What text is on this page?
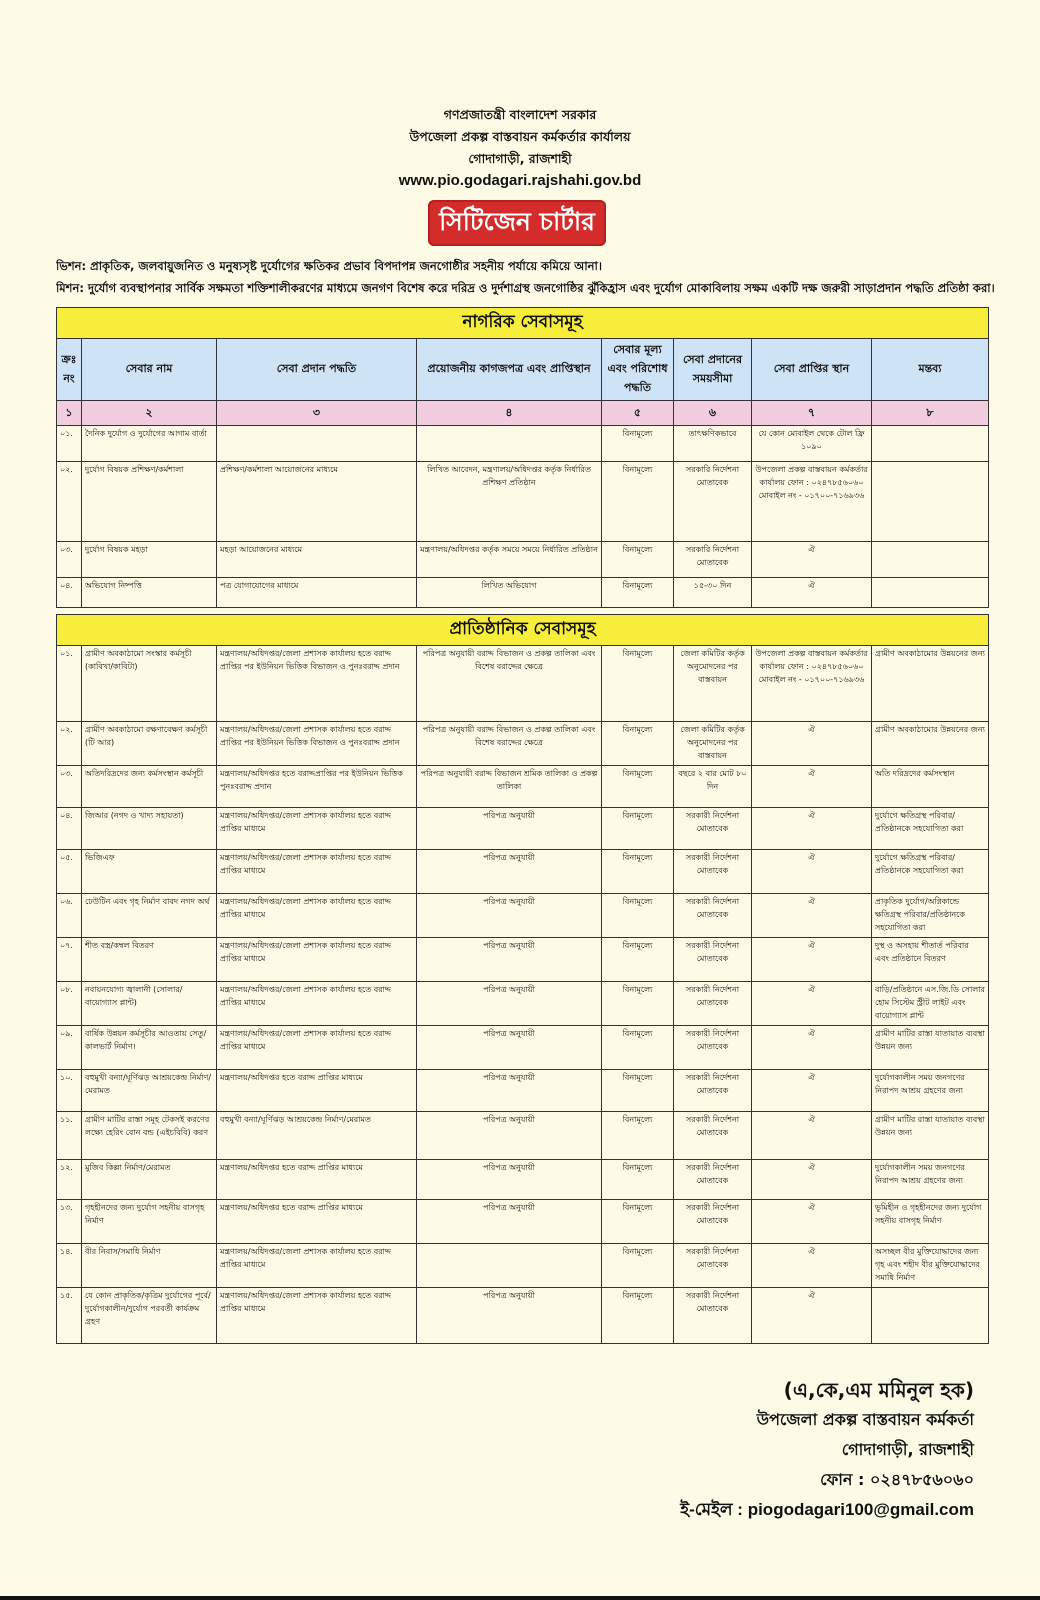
গণপ্রজাতন্ত্রী বাংলাদেশ সরকার
উপজেলা প্রকল্প বাস্তবায়ন কর্মকর্তার কার্যালয়
গোদাগাড়ী, রাজশাহী
www.pio.godagari.rajshahi.gov.bd
সিটিজেন চার্টার
ভিশন: প্রাকৃতিক, জলবায়ুজনিত ও মনুষ্যসৃষ্ট দুর্যোগের ক্ষতিকর প্রভাব বিপদাপন্ন জনগোষ্ঠীর সহনীয় পর্যায়ে কমিয়ে আনা।
মিশন: দুর্যোগ ব্যবস্থাপনার সার্বিক সক্ষমতা শক্তিশালীকরণের মাধ্যমে জনগণ বিশেষ করে দরিদ্র ও দুর্দশাগ্রস্থ জনগোষ্ঠির ঝুঁকিহ্রাস এবং দুর্যোগ মোকাবিলায় সক্ষম একটি দক্ষ জরুরী সাড়াপ্রদান পদ্ধতি প্রতিষ্ঠা করা।
নাগরিক সেবাসমূহ							
ক্রঃ নং	সেবার নাম	সেবা প্রদান পদ্ধতি	প্রয়োজনীয় কাগজপত্র এবং প্রাপ্তিস্থান	সেবার মূল্য এবং পরিশোধ পদ্ধতি	সেবা প্রদানের সময়সীমা	সেবা প্রাপ্তির স্থান	মন্তব্য
১	২	৩	৪	৫	৬	৭	৮
০১.	দৈনিক দুর্যোগ ও দুর্যোগের আগাম বার্তা			বিনামূল্যে	তাৎক্ষণিকভাবে	যে কোন মোবাইল থেকে টোল ফ্রি ১০৯০	
০২.	দুর্যোগ বিষয়ক প্রশিক্ষণ/কর্মশালা	প্রশিক্ষণ/কর্মশালা আয়োজনের মাধ্যমে	লিখিত আবেদন, মন্ত্রণালয়/অধিদপ্তর কর্তৃক নির্ধারিত প্রশিক্ষণ প্রতিষ্ঠান	বিনামূল্যে	সরকারি নির্দেশনা মোতাবেক	উপজেলা প্রকল্প বাস্তবায়ন কর্মকর্তার কার্যালয় ফোন : ০২৪৭৮৫৬০৬০ মোবাইল নং - ০১৭০০-৭১৬৯৩৬	
০৩.	দুর্যোগ বিষয়ক মহড়া	মহড়া আয়োজনের মাধ্যমে	মন্ত্রণালয়/অধিদপ্তর কর্তৃক সময়ে সময়ে নির্ধারিত প্রতিষ্ঠান	বিনামূল্যে	সরকারি নির্দেশনা মোতাবেক	ঐ	
০৪.	অভিযোগ নিষ্পত্তি	পত্র যোগাযোগের মাধ্যমে	লিখিত অভিযোগ	বিনামূল্যে	১৫-৩০ দিন	ঐ	
প্রাতিষ্ঠানিক সেবাসমূহ							
০১.	গ্রামীণ অবকাঠামো সংস্কার কর্মসূচী (কাবিখা/কাবিটা)	মন্ত্রণালয়/অধিদপ্তর/জেলা প্রশাসক কার্যালয় হতে বরাদ্দ প্রাপ্তির পর ইউনিয়ন ভিত্তিক বিভাজন ও পুনঃবরাদ্দ প্রদান	পরিপত্র অনুযায়ী বরাদ্দ বিভাজন ও প্রকল্প তালিকা এবং বিশেষ বরাদ্দের ক্ষেত্রে	বিনামূল্যে	জেলা কমিটির কর্তৃক অনুমোদনের পর বাস্তবায়ন	উপজেলা প্রকল্প বাস্তবায়ন কর্মকর্তার কার্যালয় ফোন : ০২৪৭৮৫৬০৬০ মোবাইল নং - ০১৭০০-৭১৬৯৩৬	গ্রামীণ অবকাঠামোর উন্নয়নের জন্য
০২.	গ্রামীণ অবকাঠামো রক্ষণাবেক্ষণ কর্মসূচী (টি আর)	মন্ত্রণালয়/অধিদপ্তর/জেলা প্রশাসক কার্যালয় হতে বরাদ্দ প্রাপ্তির পর ইউনিয়ন ভিত্তিক বিভাজন ও পুনঃবরাদ্দ প্রদান	পরিপত্র অনুযায়ী বরাদ্দ বিভাজন ও প্রকল্প তালিকা এবং বিশেষ বরাদ্দের ক্ষেত্রে	বিনামূল্যে	জেলা কমিটির কর্তৃক অনুমোদনের পর বাস্তবায়ন	ঐ	গ্রামীণ অবকাঠামোর উন্নয়নের জন্য
০৩.	অতিদরিদ্রদের জন্য কর্মসংস্থান কর্মসূচী	মন্ত্রণালয়/অধিদপ্তর হতে বরাদ্দপ্রাপ্তির পর ইউনিয়ন ভিত্তিক পুনঃবরাদ্দ প্রদান	পরিপত্র অনুযায়ী বরাদ্দ বিভাজন শ্রমিক তালিকা ও প্রকল্প তালিকা	বিনামূল্যে	বছরে ২ বার মোট ৮০ দিন	ঐ	অতি দরিদ্রদের কর্মসংস্থান
০৪.	জিআর (নগদ ও খাদ্য সহায়তা)	মন্ত্রণালয়/অধিদপ্তর/জেলা প্রশাসক কার্যালয় হতে বরাদ্দ প্রাপ্তির মাধ্যমে	পরিপত্র অনুযায়ী	বিনামূল্যে	সরকারী নির্দেশনা মোতাবেক	ঐ	দুর্যোগে ক্ষতিগ্রস্থ পরিবার/ প্রতিষ্ঠানকে সহযোগিতা করা
০৫.	ভিজিএফ	মন্ত্রণালয়/অধিদপ্তর/জেলা প্রশাসক কার্যালয় হতে বরাদ্দ প্রাপ্তির মাধ্যমে	পরিপত্র অনুযায়ী	বিনামূল্যে	সরকারী নির্দেশনা মোতাবেক	ঐ	দুর্যোগে ক্ষতিগ্রস্থ পরিবার/ প্রতিষ্ঠানকে সহযোগিতা করা
০৬.	ঢেউটিন এবং গৃহ নির্মাণ বাবদ নগদ অর্থ	মন্ত্রণালয়/অধিদপ্তর/জেলা প্রশাসক কার্যালয় হতে বরাদ্দ প্রাপ্তির মাধ্যমে	পরিপত্র অনুযায়ী	বিনামূল্যে	সরকারী নির্দেশনা মোতাবেক	ঐ	প্রাকৃতিক দুর্যোগ/অগ্নিকান্ডে ক্ষতিগ্রস্থ পরিবার/প্রতিষ্ঠানকে সহযোগিতা করা
০৭.	শীত বস্ত্র/কম্বল বিতরণ	মন্ত্রণালয়/অধিদপ্তর/জেলা প্রশাসক কার্যালয় হতে বরাদ্দ প্রাপ্তির মাধ্যমে	পরিপত্র অনুযায়ী	বিনামূল্যে	সরকারী নির্দেশনা মোতাবেক	ঐ	দুস্থ ও অসহায় শীতার্ত পরিবার এবং প্রতিষ্ঠানে বিতরণ
০৮.	নবায়নযোগ্য জ্বালানী (সোলার/বায়োগ্যাস প্লান্ট)	মন্ত্রণালয়/অধিদপ্তর/জেলা প্রশাসক কার্যালয় হতে বরাদ্দ প্রাপ্তির মাধ্যমে	পরিপত্র অনুযায়ী	বিনামূল্যে	সরকারী নির্দেশনা মোতাবেক	ঐ	বাড়ি/প্রতিষ্ঠানে এস.জি.ডি সোলার হোম সিস্টেম স্ট্রীট লাইট এবং বায়োগ্যাস প্লান্ট
০৯.	বার্ষিক উন্নয়ন কর্মসূচীর আওতায় সেতু/কালভার্ট নির্মাণ।	মন্ত্রণালয়/অধিদপ্তর/জেলা প্রশাসক কার্যালয় হতে বরাদ্দ প্রাপ্তির মাধ্যমে	পরিপত্র অনুযায়ী	বিনামূল্যে	সরকারী নির্দেশনা মোতাবেক	ঐ	গ্রামীণ মাটির রাস্তা যাতায়াত ব্যবস্থা উন্নয়ন জন্য
১০.	বহুমুখী বন্যা/ঘূর্ণিঝড় আশ্রয়কেন্দ্র নির্মাণ/ মেরামত	মন্ত্রণালয়/অধিদপ্তর হতে বরাদ্দ প্রাপ্তির মাধ্যমে	পরিপত্র অনুযায়ী	বিনামূল্যে	সরকারী নির্দেশনা মোতাবেক	ঐ	দুর্যোগকালীন সময় জনগণের নিরাপদ আশ্রয় গ্রহণের জন্য
১১.	গ্রামীণ মাটির রাস্তা সমূহ টেকসই করণের লক্ষ্যে হেরিং বোন বন্ড (এইচবিবি) করণ	বহুমুখী বন্যা/ঘূর্ণিঝড় আশ্রয়কেন্দ্র নির্মাণ/মেরামত	পরিপত্র অনুযায়ী	বিনামূল্যে	সরকারী নির্দেশনা মোতাবেক	ঐ	গ্রামীণ মাটির রাস্তা যাতায়াত ব্যবস্থা উন্নয়ন জন্য
১২.	মুজিব কিল্লা নির্মাণ/মেরামত	মন্ত্রণালয়/অধিদপ্তর হতে বরাদ্দ প্রাপ্তির মাধ্যমে	পরিপত্র অনুযায়ী	বিনামূল্যে	সরকারী নির্দেশনা মোতাবেক	ঐ	দুর্যোগকালীন সময় জনগণের নিরাপদ আশ্রয় গ্রহণের জন্য
১৩.	গৃহহীনদের জন্য দুর্যোগ সহনীয় বাসগৃহ নির্মাণ	মন্ত্রণালয়/অধিদপ্তর হতে বরাদ্দ প্রাপ্তির মাধ্যমে	পরিপত্র অনুযায়ী	বিনামূল্যে	সরকারী নির্দেশনা মোতাবেক	ঐ	ভূমিহীন ও গৃহহীনদের জন্য দুর্যোগ সহনীয় বাসগৃহ নির্মাণ
১৪.	বীর নিবাস/সমাধি নির্মাণ	মন্ত্রণালয়/অধিদপ্তর/জেলা প্রশাসক কার্যালয় হতে বরাদ্দ প্রাপ্তির মাধ্যমে		বিনামূল্যে	সরকারী নির্দেশনা মোতাবেক	ঐ	অসচ্ছল বীর মুক্তিযোদ্ধাদের জন্য গৃহ এবং শহীদ বীর মুক্তিযোদ্ধাদের সমাধি নির্মাণ
১৫.	যে কোন প্রাকৃতিক/কৃত্রিম দুর্যোগের পূর্বে/দুর্যোগকালীন/দুর্যোগ পরবর্তী কার্যক্রম গ্রহণ	মন্ত্রণালয়/অধিদপ্তর/জেলা প্রশাসক কার্যালয় হতে বরাদ্দ প্রাপ্তির মাধ্যমে	পরিপত্র অনুযায়ী	বিনামূল্যে	সরকারী নির্দেশনা মোতাবেক	ঐ	
(এ,কে,এম মমিনুল হক)
উপজেলা প্রকল্প বাস্তবায়ন কর্মকর্তা
গোদাগাড়ী, রাজশাহী
ফোন : ০২৪৭৮৫৬০৬০
ই-মেইল : piogodagari100@gmail.com
